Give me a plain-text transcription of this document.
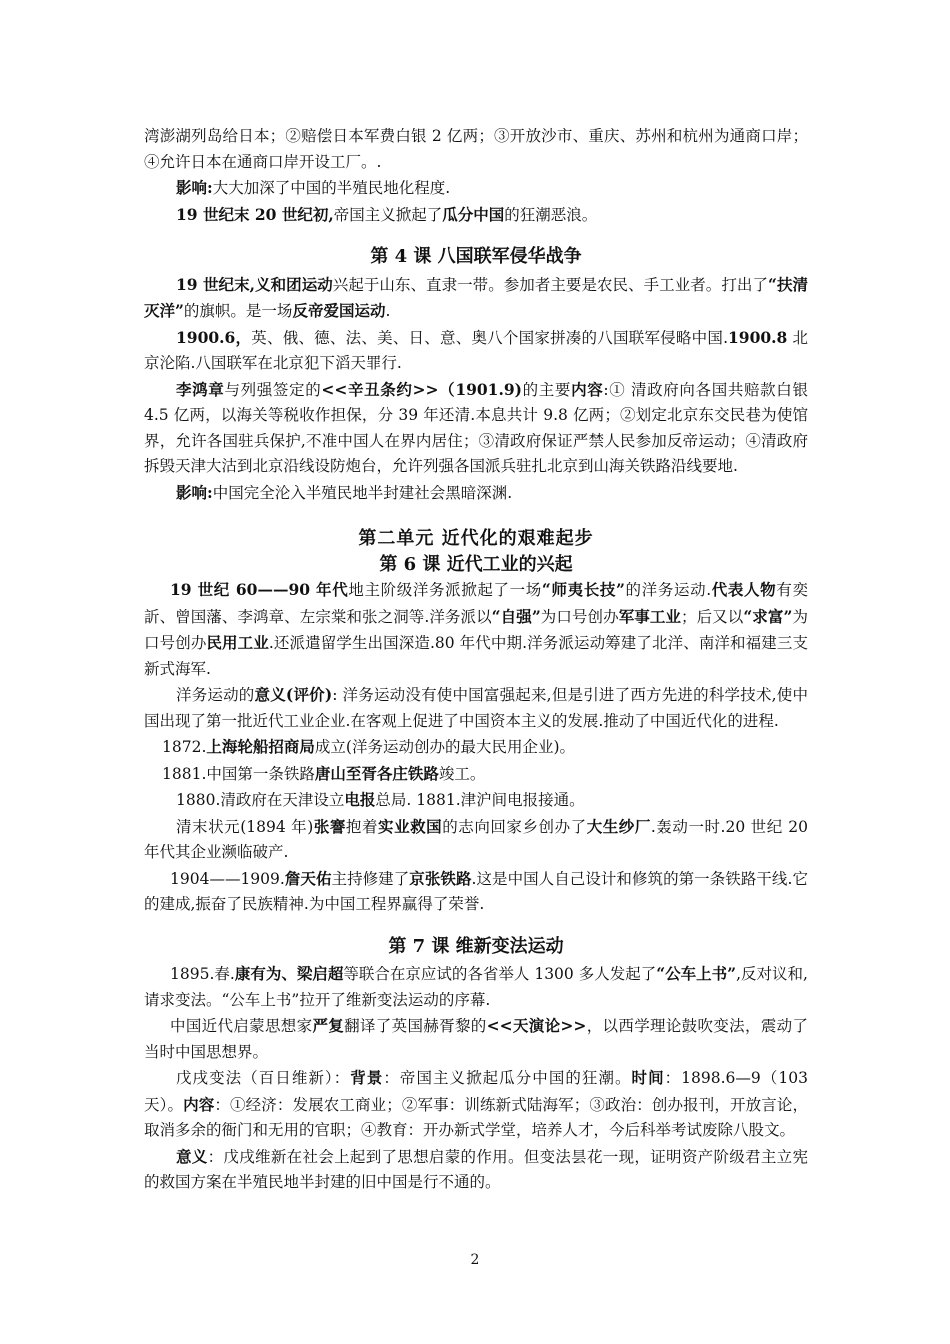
湾澎湖列岛给日本；②赔偿日本军费白银 2 亿两；③开放沙市、重庆、苏州和杭州为通商口岸；④允许日本在通商口岸开设工厂。.

影响:大大加深了中国的半殖民地化程度.

19 世纪末 20 世纪初,帝国主义掀起了瓜分中国的狂潮恶浪。

第 4 课 八国联军侵华战争

19 世纪末,义和团运动兴起于山东、直隶一带。参加者主要是农民、手工业者。打出了“扶清灭洋”的旗帜。是一场反帝爱国运动.

1900.6，英、俄、德、法、美、日、意、奥八个国家拼凑的八国联军侵略中国.1900.8 北京沦陷.八国联军在北京犯下滔天罪行.

李鸿章与列强签定的<<辛丑条约>>（1901.9)的主要内容:① 清政府向各国共赔款白银 4.5 亿两，以海关等税收作担保，分 39 年还清.本息共计 9.8 亿两；②划定北京东交民巷为使馆界，允许各国驻兵保护,不准中国人在界内居住；③清政府保证严禁人民参加反帝运动；④清政府拆毁天津大沽到北京沿线设防炮台，允许列强各国派兵驻扎北京到山海关铁路沿线要地.

影响:中国完全沦入半殖民地半封建社会黑暗深渊.

第二单元 近代化的艰难起步

第 6 课 近代工业的兴起

19 世纪 60——90 年代地主阶级洋务派掀起了一场“师夷长技”的洋务运动.代表人物有奕訢、曾国藩、李鸿章、左宗棠和张之洞等.洋务派以“自强”为口号创办军事工业；后又以“求富”为口号创办民用工业.还派遣留学生出国深造.80 年代中期.洋务派运动筹建了北洋、南洋和福建三支新式海军.

洋务运动的意义(评价): 洋务运动没有使中国富强起来,但是引进了西方先进的科学技术,使中国出现了第一批近代工业企业.在客观上促进了中国资本主义的发展.推动了中国近代化的进程.

1872.上海轮船招商局成立(洋务运动创办的最大民用企业)。

1881.中国第一条铁路唐山至胥各庄铁路竣工。

1880.清政府在天津设立电报总局. 1881.津沪间电报接通。

清末状元(1894 年)张謇抱着实业救国的志向回家乡创办了大生纱厂.轰动一时.20 世纪 20 年代其企业濒临破产.

1904——1909.詹天佑主持修建了京张铁路.这是中国人自己设计和修筑的第一条铁路干线.它的建成,振奋了民族精神.为中国工程界赢得了荣誉.

第 7 课 维新变法运动

1895.春.康有为、梁启超等联合在京应试的各省举人 1300 多人发起了“公车上书”,反对议和,请求变法。“公车上书”拉开了维新变法运动的序幕.

中国近代启蒙思想家严复翻译了英国赫胥黎的<<天演论>>，以西学理论鼓吹变法，震动了当时中国思想界。

戊戌变法（百日维新）：背景：帝国主义掀起瓜分中国的狂潮。时间：1898.6—9（103 天）。内容：①经济：发展农工商业；②军事：训练新式陆海军；③政治：创办报刊，开放言论，取消多余的衙门和无用的官职；④教育：开办新式学堂，培养人才，今后科举考试废除八股文。

意义：戊戌维新在社会上起到了思想启蒙的作用。但变法昙花一现，证明资产阶级君主立宪的救国方案在半殖民地半封建的旧中国是行不通的。

2
